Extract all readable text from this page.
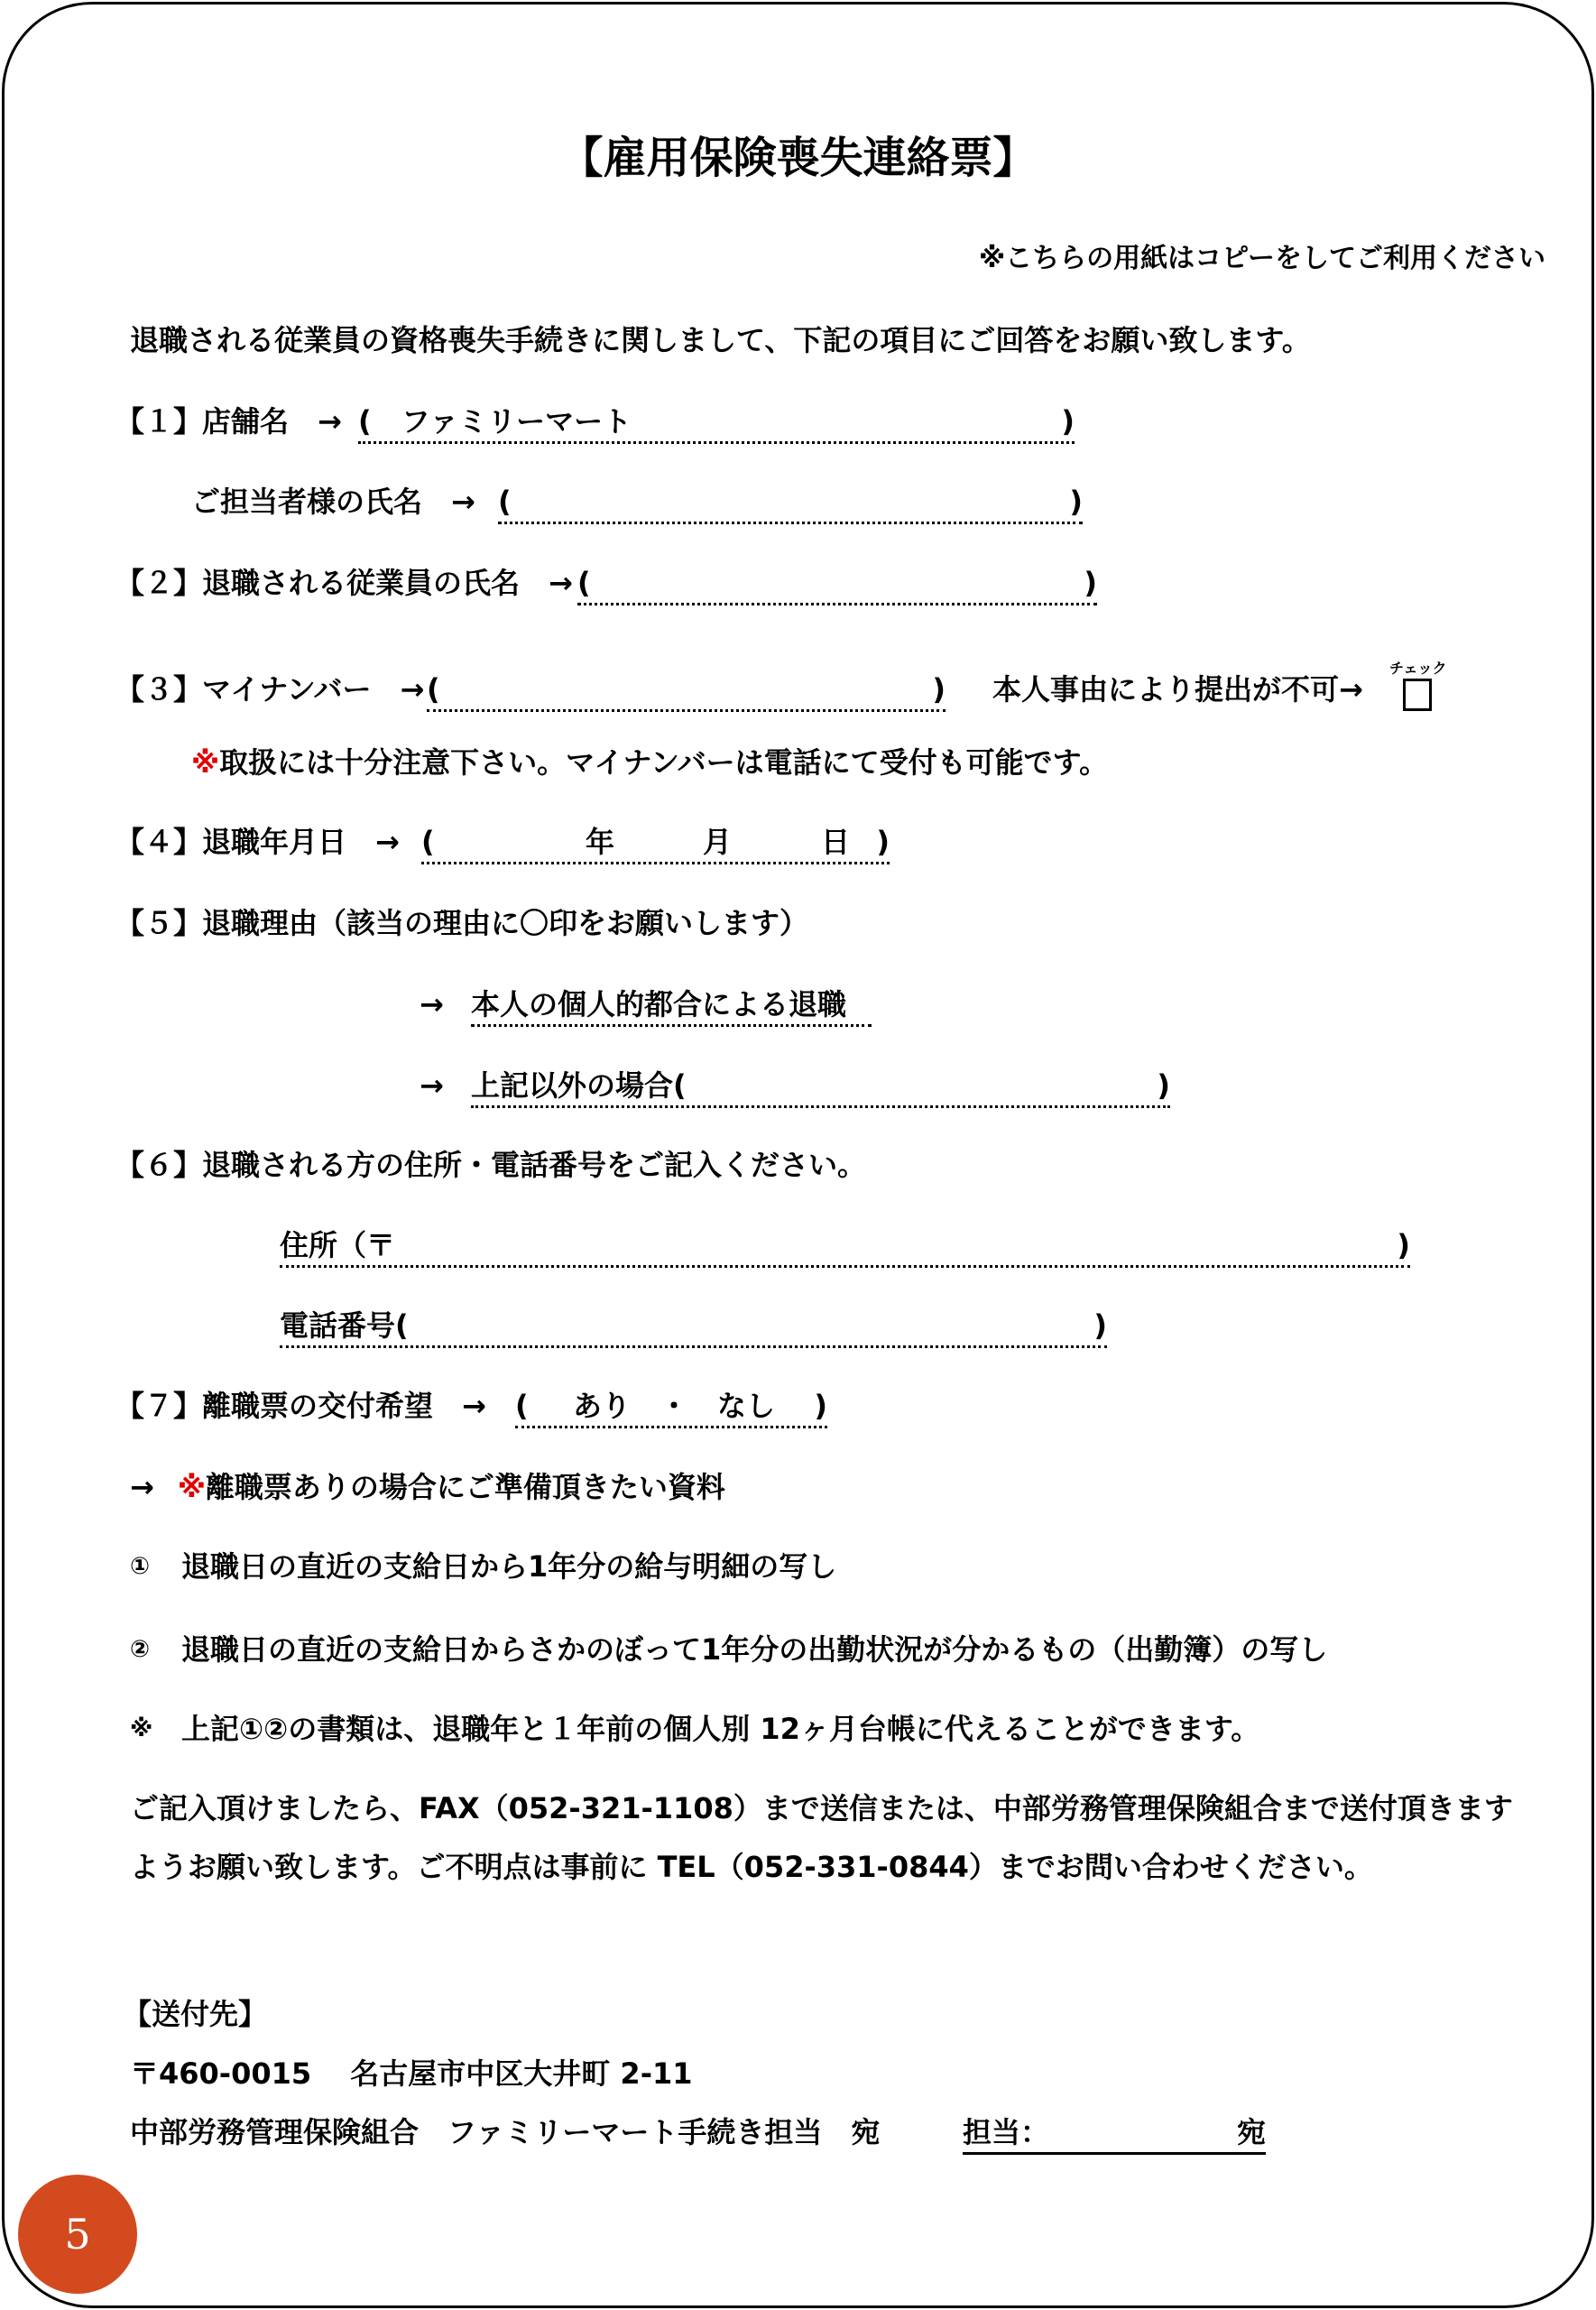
【雇用保険喪失連絡票】
※こちらの用紙はコピーをしてご利用ください
退職される従業員の資格喪失手続きに関しまして、下記の項目にご回答をお願い致します。
【１】店舗名　→ ( ファミリーマート	)
ご担当者様の氏名　→ (	)
【２】退職される従業員の氏名　→ (	)
【３】マイナンバー　→ (	) 本人事由により提出が不可→
チェック
※取扱には十分注意下さい。マイナンバーは電話にて受付も可能です。
【４】退職年月日　→ (	年	月	日 )
【５】退職理由（該当の理由に〇印をお願いします）
→ 本人の個人的都合による退職
→ 上記以外の場合(	)
【６】退職される方の住所・電話番号をご記入ください。
住所（〒	)
電話番号(	)
【７】離職票の交付希望　→ ( あり ・ なし )
→ ※離職票ありの場合にご準備頂きたい資料
① 退職日の直近の支給日から1年分の給与明細の写し
② 退職日の直近の支給日からさかのぼって1年分の出勤状況が分かるもの（出勤簿）の写し
※ 上記①②の書類は、退職年と１年前の個人別 12ヶ月台帳に代えることができます。
ご記入頂けましたら、FAX（052-321-1108）まで送信または、中部労務管理保険組合まで送付頂きます
ようお願い致します。ご不明点は事前に TEL（052-331-0844）までお問い合わせください。
【送付先】
〒460-0015　 名古屋市中区大井町 2-11
中部労務管理保険組合　ファミリーマート手続き担当　宛	担当：	宛
5
